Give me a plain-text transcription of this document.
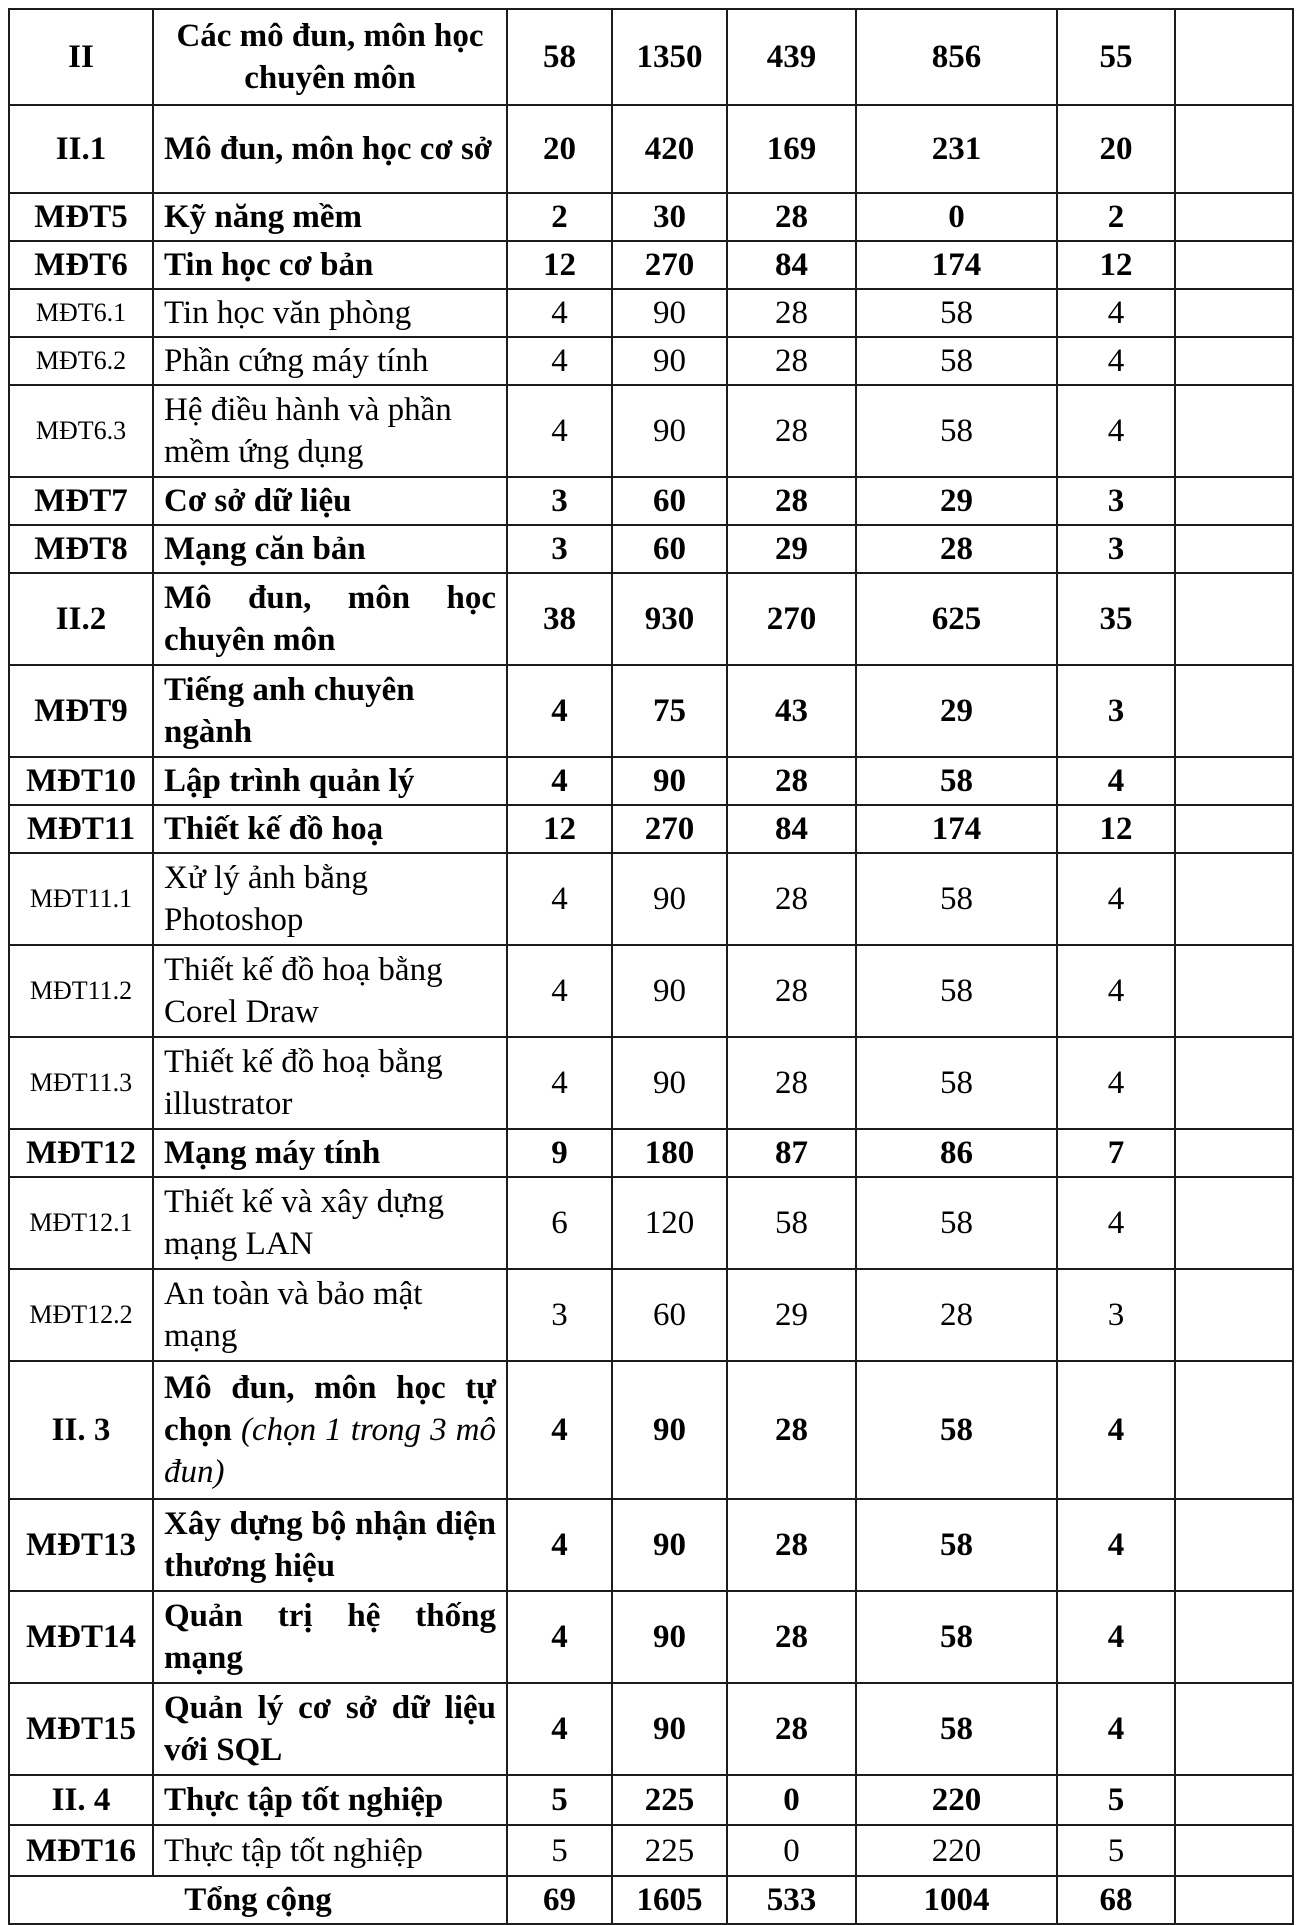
II	Các mô đun, môn học chuyên môn	58	1350	439	856	55	
II.1	Mô đun, môn học cơ sở	20	420	169	231	20	
MĐT5	Kỹ năng mềm	2	30	28	0	2	
MĐT6	Tin học cơ bản	12	270	84	174	12	
MĐT6.1	Tin học văn phòng	4	90	28	58	4	
MĐT6.2	Phần cứng máy tính	4	90	28	58	4	
MĐT6.3	Hệ điều hành và phần mềm ứng dụng	4	90	28	58	4	
MĐT7	Cơ sở dữ liệu	3	60	28	29	3	
MĐT8	Mạng căn bản	3	60	29	28	3	
II.2	Mô đun, môn học chuyên môn	38	930	270	625	35	
MĐT9	Tiếng anh chuyên ngành	4	75	43	29	3	
MĐT10	Lập trình quản lý	4	90	28	58	4	
MĐT11	Thiết kế đồ hoạ	12	270	84	174	12	
MĐT11.1	Xử lý ảnh bằng Photoshop	4	90	28	58	4	
MĐT11.2	Thiết kế đồ hoạ bằng Corel Draw	4	90	28	58	4	
MĐT11.3	Thiết kế đồ hoạ bằng illustrator	4	90	28	58	4	
MĐT12	Mạng máy tính	9	180	87	86	7	
MĐT12.1	Thiết kế và xây dựng mạng LAN	6	120	58	58	4	
MĐT12.2	An toàn và bảo mật mạng	3	60	29	28	3	
II. 3	Mô đun, môn học tự chọn (chọn 1 trong 3 mô đun)	4	90	28	58	4	
MĐT13	Xây dựng bộ nhận diện thương hiệu	4	90	28	58	4	
MĐT14	Quản trị hệ thống mạng	4	90	28	58	4	
MĐT15	Quản lý cơ sở dữ liệu với SQL	4	90	28	58	4	
II. 4	Thực tập tốt nghiệp	5	225	0	220	5	
MĐT16	Thực tập tốt nghiệp	5	225	0	220	5	
Tổng cộng		69	1605	533	1004	68	
